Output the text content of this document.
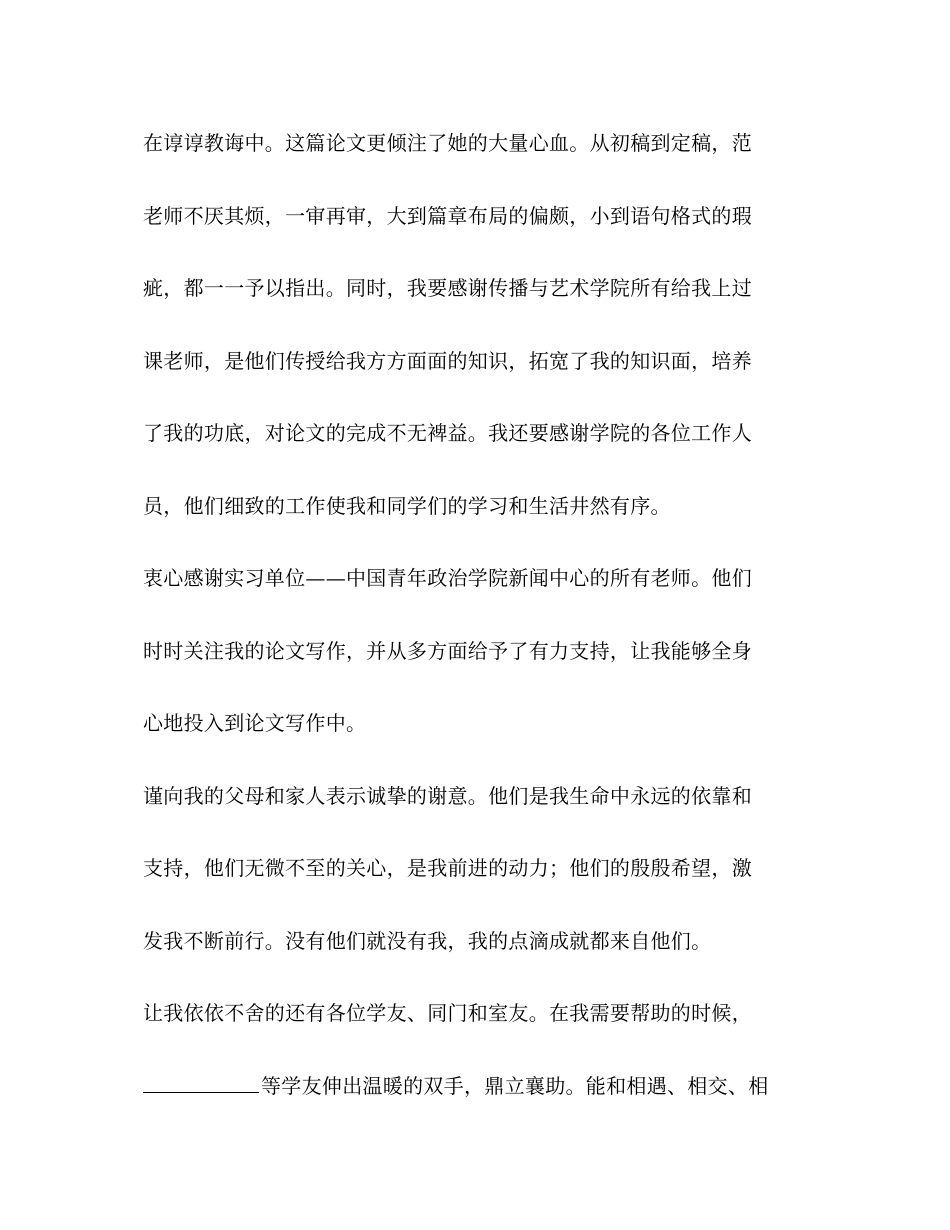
在谆谆教诲中。这篇论文更倾注了她的大量心血。从初稿到定稿，范
老师不厌其烦，一审再审，大到篇章布局的偏颇，小到语句格式的瑕
疵，都一一予以指出。同时，我要感谢传播与艺术学院所有给我上过
课老师，是他们传授给我方方面面的知识，拓宽了我的知识面，培养
了我的功底，对论文的完成不无裨益。我还要感谢学院的各位工作人
员，他们细致的工作使我和同学们的学习和生活井然有序。
衷心感谢实习单位——中国青年政治学院新闻中心的所有老师。他们
时时关注我的论文写作，并从多方面给予了有力支持，让我能够全身
心地投入到论文写作中。
谨向我的父母和家人表示诚挚的谢意。他们是我生命中永远的依靠和
支持，他们无微不至的关心，是我前进的动力；他们的殷殷希望，激
发我不断前行。没有他们就没有我，我的点滴成就都来自他们。
让我依依不舍的还有各位学友、同门和室友。在我需要帮助的时候，
等学友伸出温暖的双手，鼎立襄助。能和相遇、相交、相
